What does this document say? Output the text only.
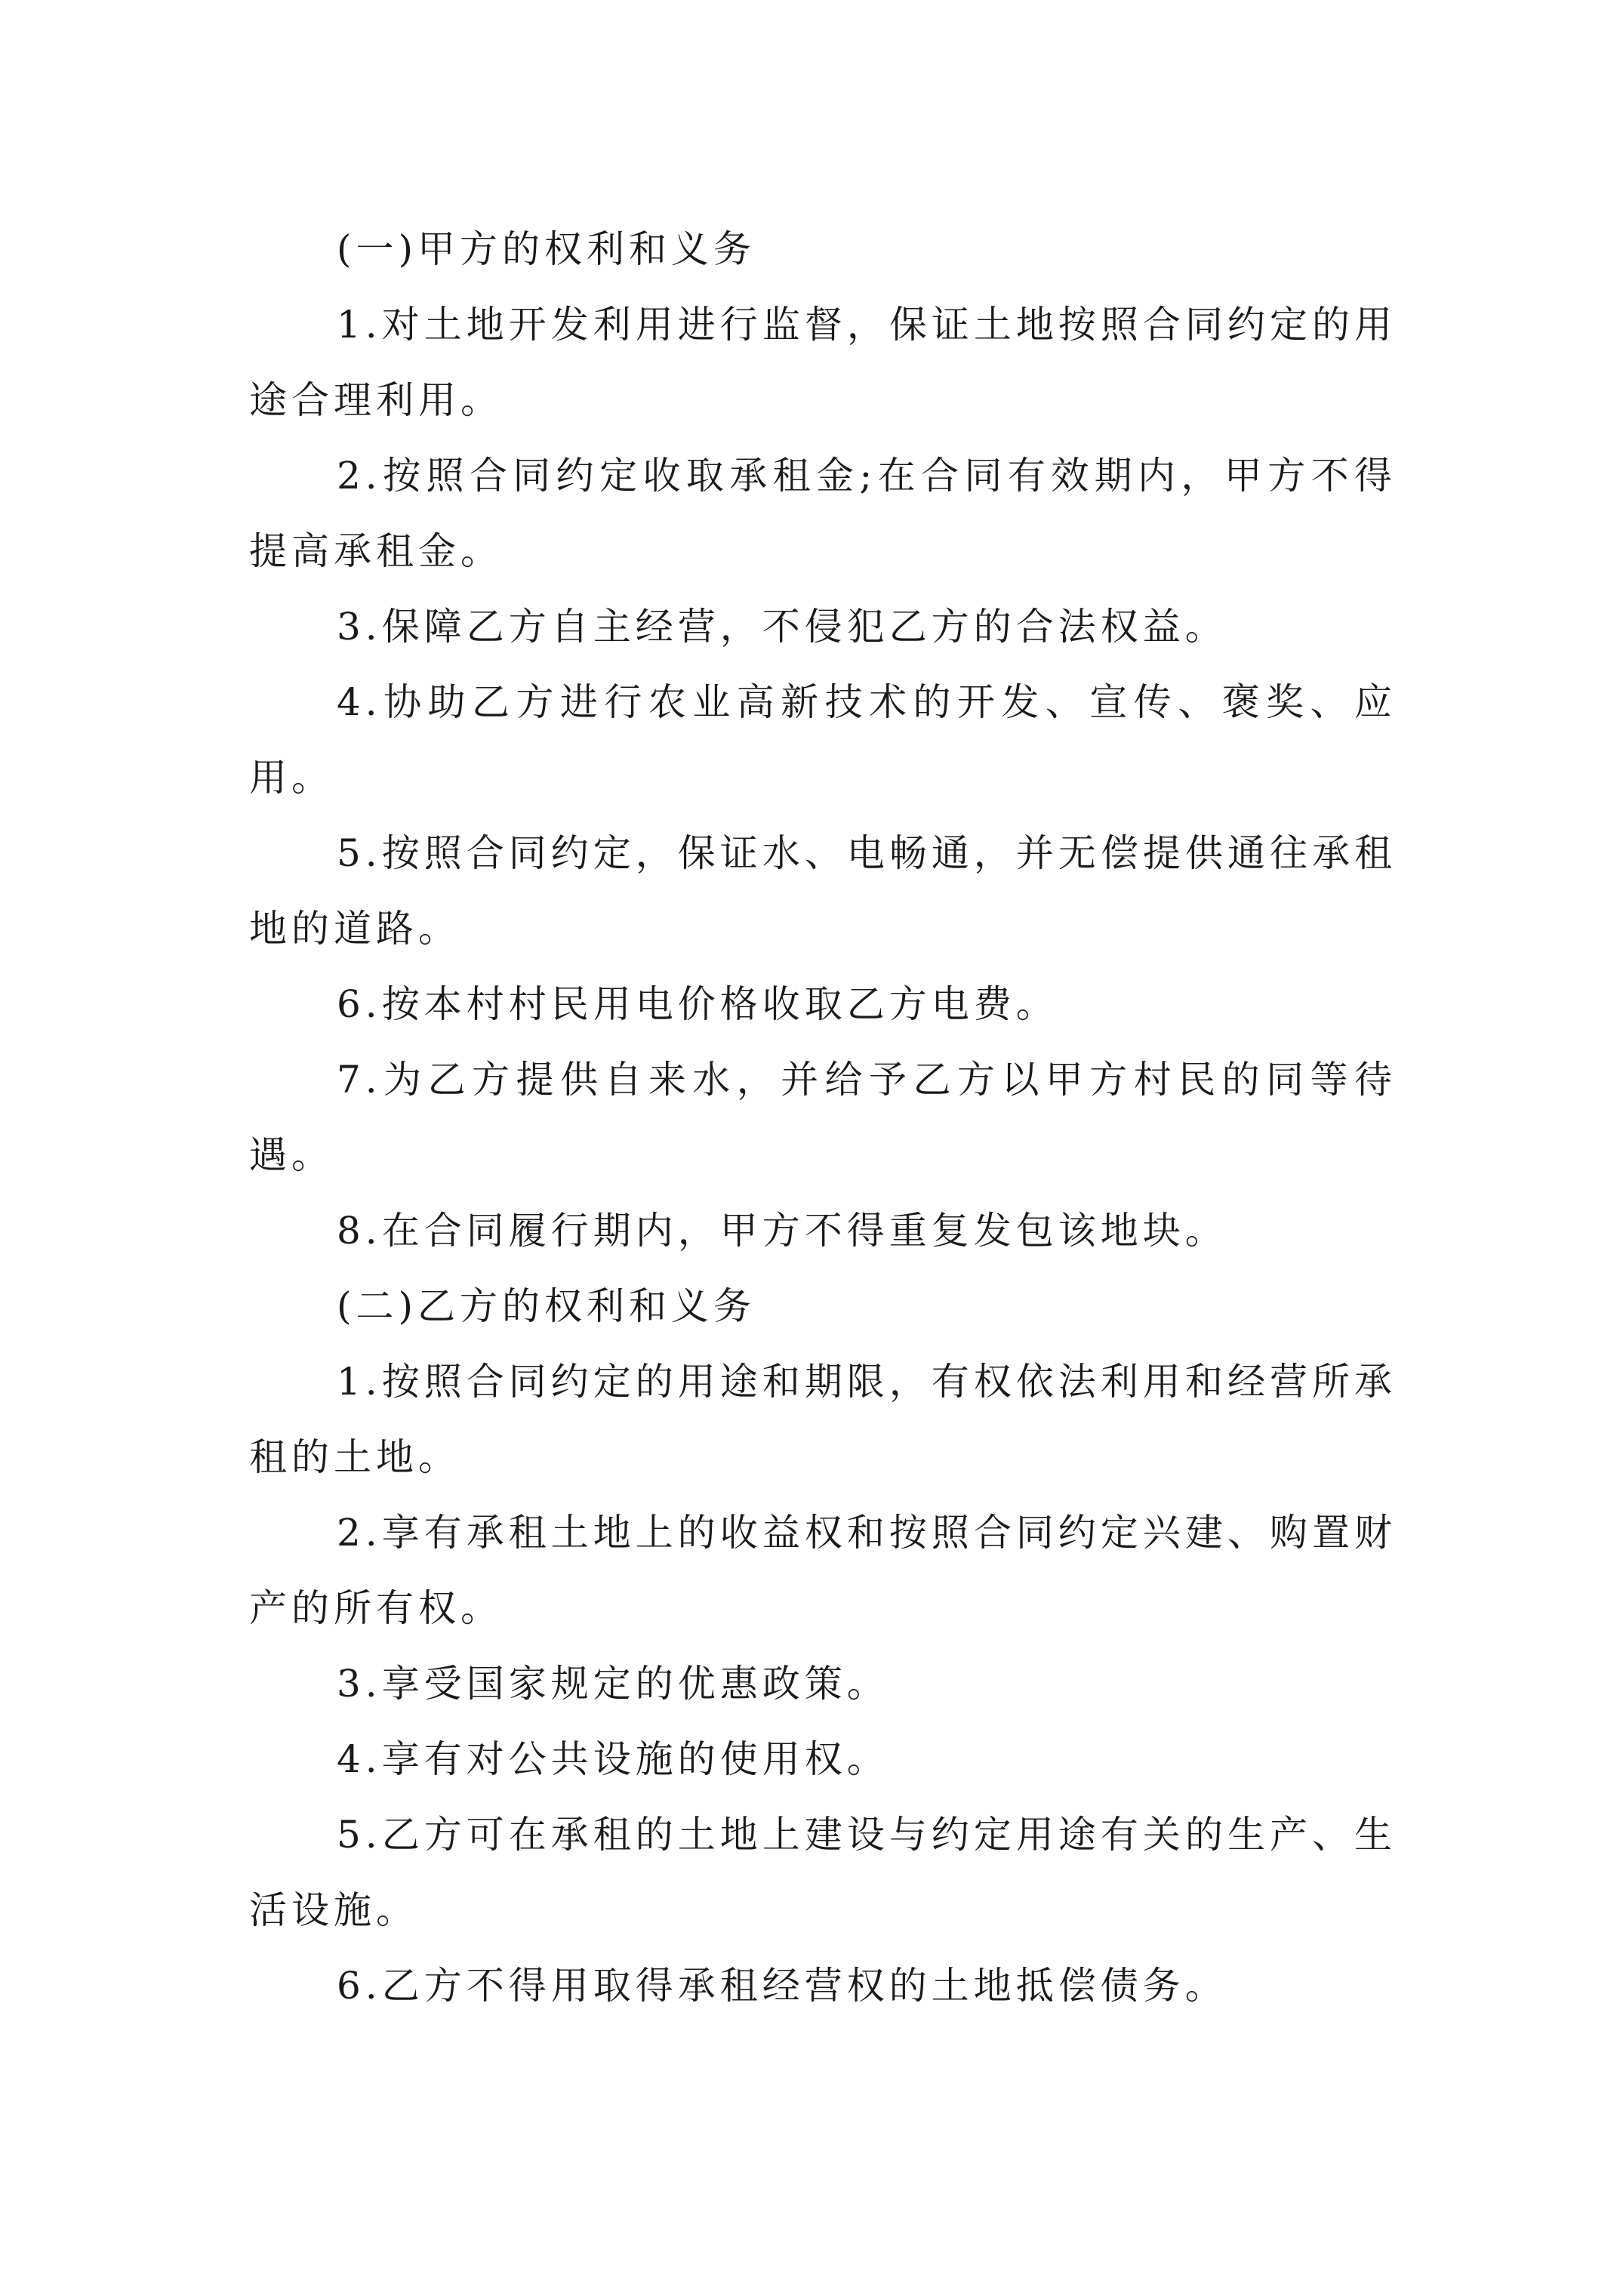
(一)甲方的权利和义务

1.对土地开发利用进行监督，保证土地按照合同约定的用途合理利用。

2.按照合同约定收取承租金;在合同有效期内，甲方不得提高承租金。

3.保障乙方自主经营，不侵犯乙方的合法权益。

4.协助乙方进行农业高新技术的开发、宣传、褒奖、应用。

5.按照合同约定，保证水、电畅通，并无偿提供通往承租地的道路。

6.按本村村民用电价格收取乙方电费。

7.为乙方提供自来水，并给予乙方以甲方村民的同等待遇。

8.在合同履行期内，甲方不得重复发包该地块。

(二)乙方的权利和义务

1.按照合同约定的用途和期限，有权依法利用和经营所承租的土地。

2.享有承租土地上的收益权和按照合同约定兴建、购置财产的所有权。

3.享受国家规定的优惠政策。

4.享有对公共设施的使用权。

5.乙方可在承租的土地上建设与约定用途有关的生产、生活设施。

6.乙方不得用取得承租经营权的土地抵偿债务。
